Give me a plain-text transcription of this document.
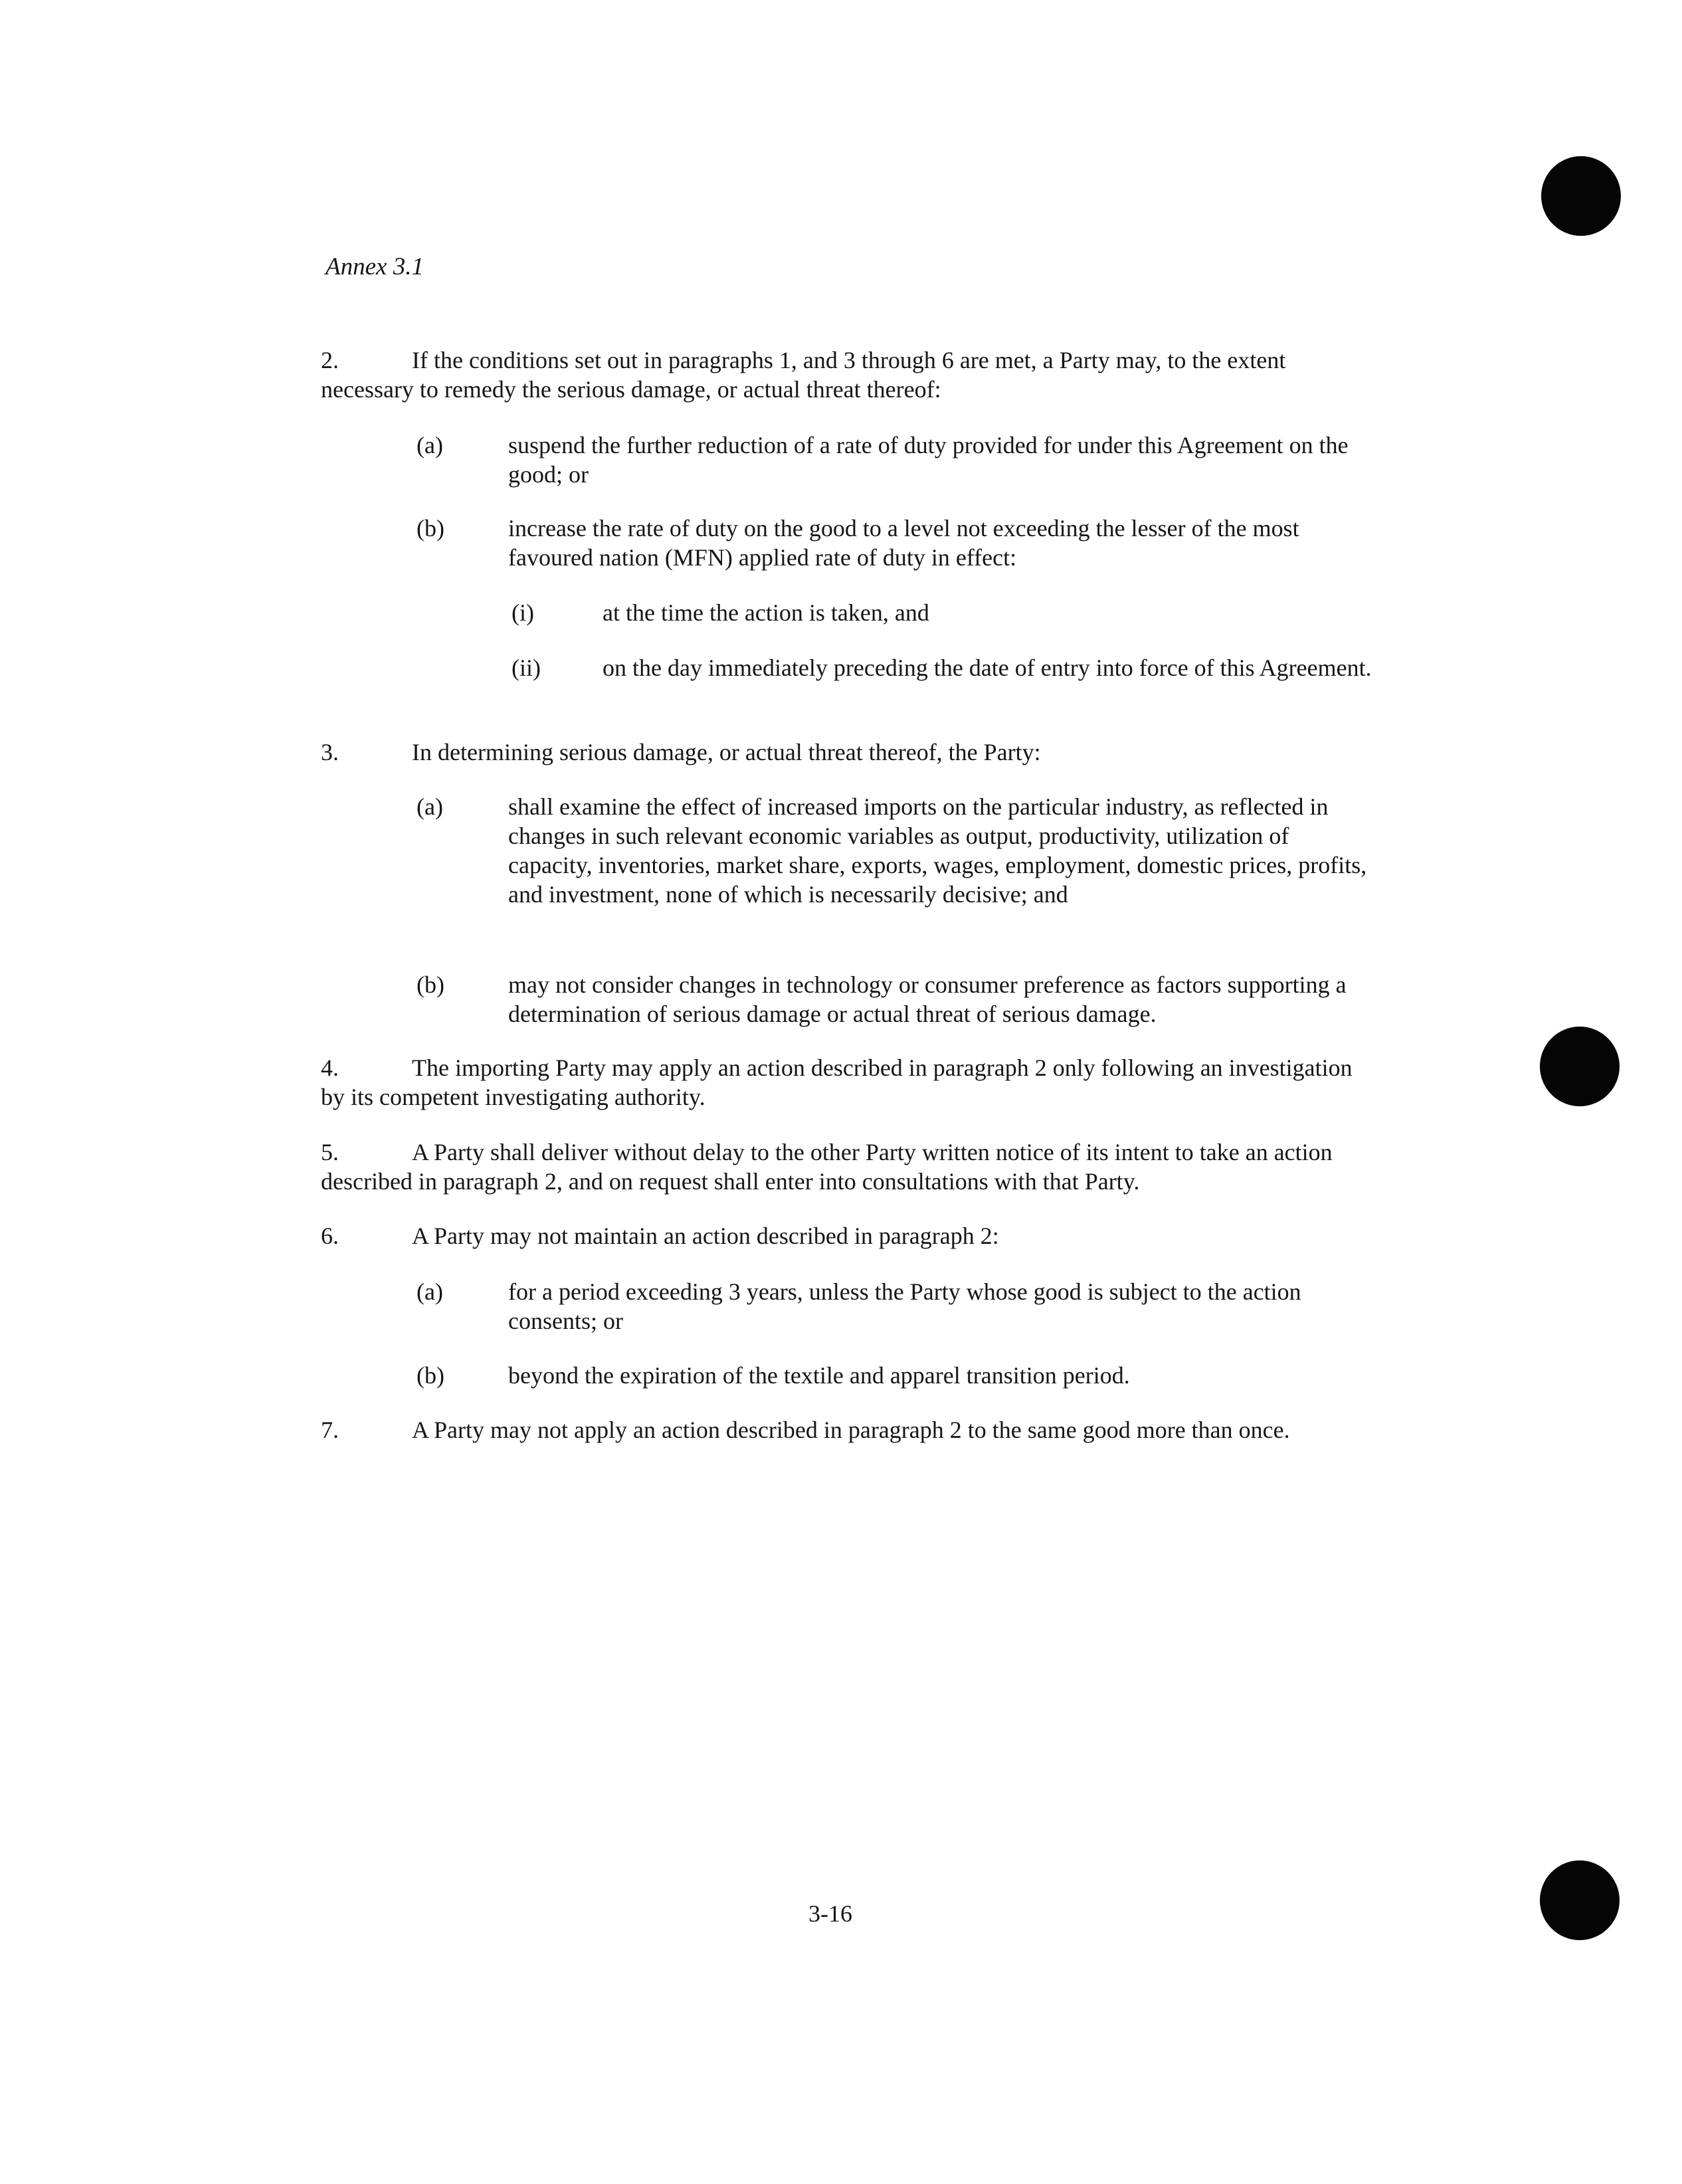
Annex 3.1
2.	If the conditions set out in paragraphs 1, and 3 through 6 are met, a Party may, to the extent necessary to remedy the serious damage, or actual threat thereof:
(a)	suspend the further reduction of a rate of duty provided for under this Agreement on the good; or
(b)	increase the rate of duty on the good to a level not exceeding the lesser of the most favoured nation (MFN) applied rate of duty in effect:
(i)	at the time the action is taken, and
(ii)	on the day immediately preceding the date of entry into force of this Agreement.
3.	In determining serious damage, or actual threat thereof, the Party:
(a)	shall examine the effect of increased imports on the particular industry, as reflected in changes in such relevant economic variables as output, productivity, utilization of capacity, inventories, market share, exports, wages, employment, domestic prices, profits, and investment, none of which is necessarily decisive; and
(b)	may not consider changes in technology or consumer preference as factors supporting a determination of serious damage or actual threat of serious damage.
4.	The importing Party may apply an action described in paragraph 2 only following an investigation by its competent investigating authority.
5.	A Party shall deliver without delay to the other Party written notice of its intent to take an action described in paragraph 2, and on request shall enter into consultations with that Party.
6.	A Party may not maintain an action described in paragraph 2:
(a)	for a period exceeding 3 years, unless the Party whose good is subject to the action consents; or
(b)	beyond the expiration of the textile and apparel transition period.
7.	A Party may not apply an action described in paragraph 2 to the same good more than once.
3-16
